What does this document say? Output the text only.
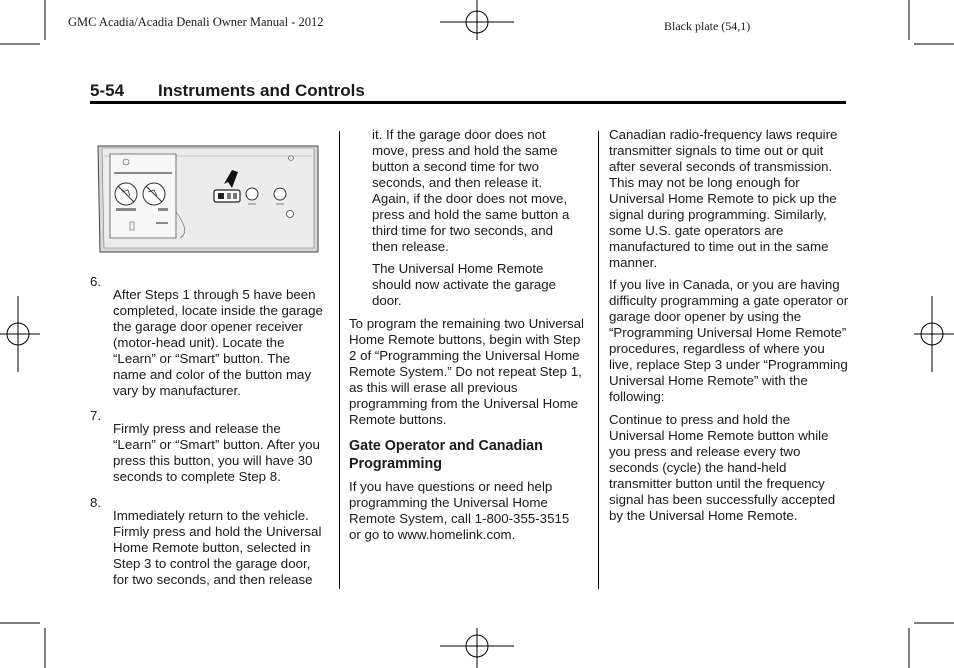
GMC Acadia/Acadia Denali Owner Manual - 2012	Black plate (54,1)
5-54 Instruments and Controls
6.

After Steps 1 through 5 have been completed, locate inside the garage the garage door opener receiver (motor-head unit). Locate the “Learn” or “Smart” button. The name and color of the button may vary by manufacturer.

7.

Firmly press and release the “Learn” or “Smart” button. After you press this button, you will have 30 seconds to complete Step 8.

8.

Immediately return to the vehicle. Firmly press and hold the Universal Home Remote button, selected in Step 3 to control the garage door, for two seconds, and then release

it. If the garage door does not move, press and hold the same button a second time for two seconds, and then release it. Again, if the door does not move, press and hold the same button a third time for two seconds, and then release.

The Universal Home Remote should now activate the garage door.

To program the remaining two Universal Home Remote buttons, begin with Step 2 of “Programming the Universal Home Remote System.” Do not repeat Step 1, as this will erase all previous programming from the Universal Home Remote buttons.

Gate Operator and Canadian Programming

If you have questions or need help programming the Universal Home Remote System, call 1-800-355-3515 or go to www.homelink.com.

Canadian radio-frequency laws require transmitter signals to time out or quit after several seconds of transmission. This may not be long enough for Universal Home Remote to pick up the signal during programming. Similarly, some U.S. gate operators are manufactured to time out in the same manner.

If you live in Canada, or you are having difficulty programming a gate operator or garage door opener by using the “Programming Universal Home Remote” procedures, regardless of where you live, replace Step 3 under “Programming Universal Home Remote” with the following:

Continue to press and hold the Universal Home Remote button while you press and release every two seconds (cycle) the hand-held transmitter button until the frequency signal has been successfully accepted by the Universal Home Remote.
